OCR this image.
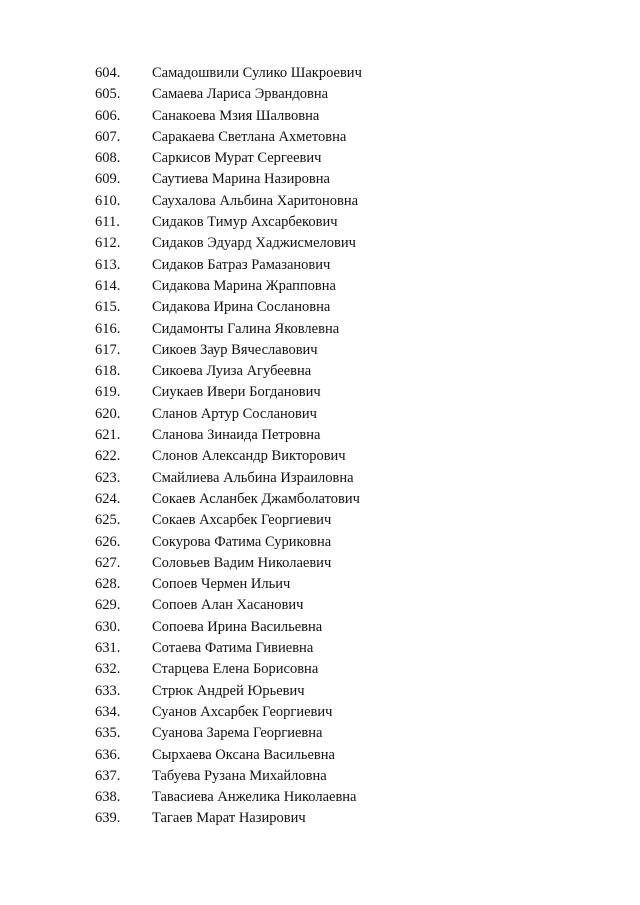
604.	Самадошвили Сулико Шакроевич
605.	Самаева Лариса Эрвандовна
606.	Санакоева Мзия Шалвовна
607.	Саракаева Светлана Ахметовна
608.	Саркисов Мурат Сергеевич
609.	Саутиева Марина Назировна
610.	Саухалова Альбина Харитоновна
611.	Сидаков Тимур Ахсарбекович
612.	Сидаков Эдуард Хаджисмелович
613.	Сидаков Батраз Рамазанович
614.	Сидакова Марина Жрапповна
615.	Сидакова Ирина Сослановна
616.	Сидамонты Галина Яковлевна
617.	Сикоев Заур Вячеславович
618.	Сикоева Луиза Агубеевна
619.	Сиукаев Ивери Богданович
620.	Сланов Артур Сосланович
621.	Сланова Зинаида Петровна
622.	Слонов Александр Викторович
623.	Смайлиева Альбина Израиловна
624.	Сокаев Асланбек Джамболатович
625.	Сокаев Ахсарбек Георгиевич
626.	Сокурова Фатима Суриковна
627.	Соловьев Вадим Николаевич
628.	Сопоев Чермен Ильич
629.	Сопоев Алан Хасанович
630.	Сопоева Ирина Васильевна
631.	Сотаева Фатима Гивиевна
632.	Старцева Елена Борисовна
633.	Стрюк Андрей Юрьевич
634.	Суанов Ахсарбек Георгиевич
635.	Суанова Зарема Георгиевна
636.	Сырхаева Оксана Васильевна
637.	Табуева Рузана Михайловна
638.	Тавасиева Анжелика Николаевна
639.	Тагаев Марат Назирович
